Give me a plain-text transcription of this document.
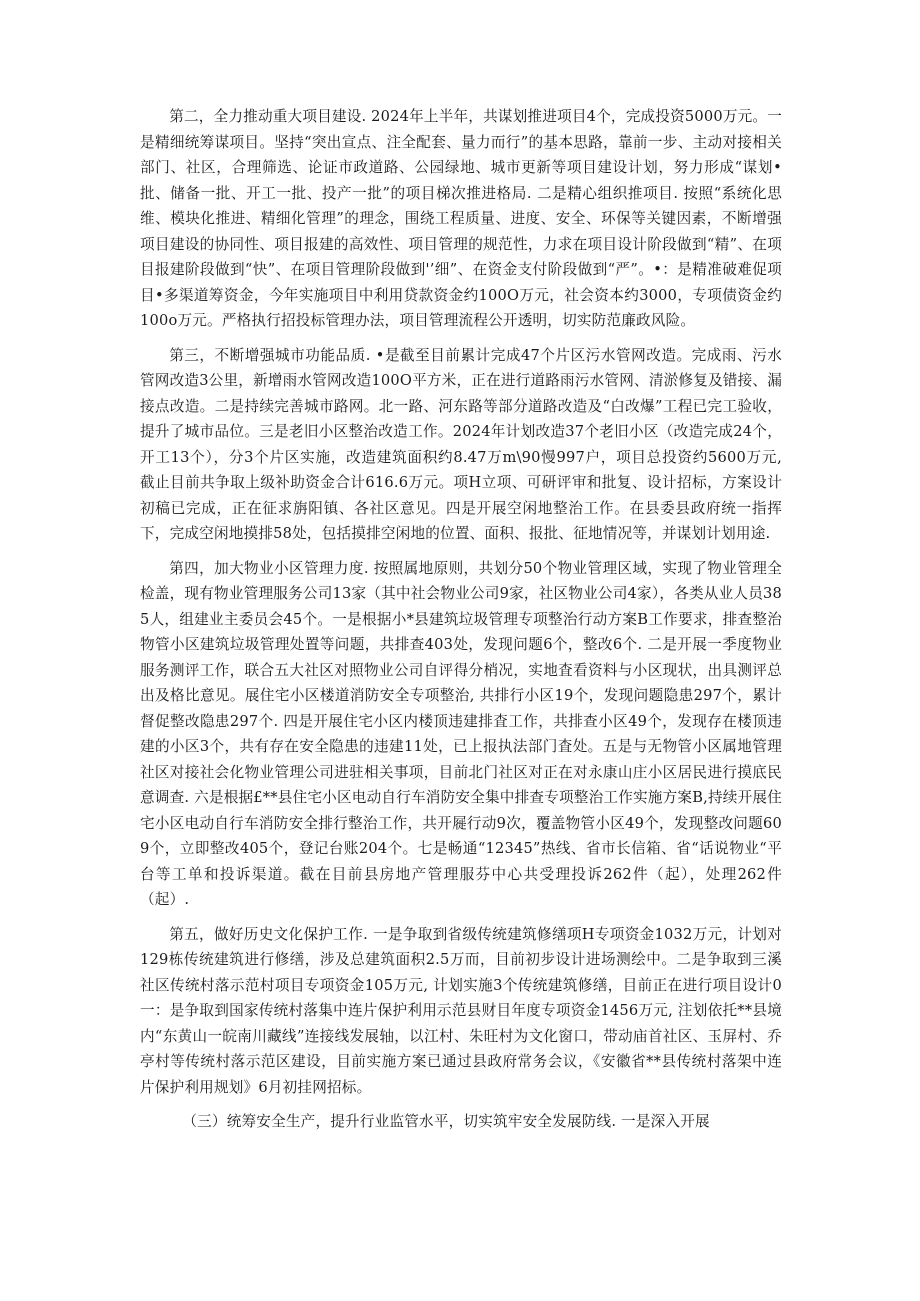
第二，全力推动重大项目建设. 2024年上半年，共谋划推进项目4个，完成投资5000万元。一是精细统筹谋项目。坚持“突出宣点、注全配套、量力而行”的基本思路，靠前一步、主动对接相关部门、社区，合理筛选、论证市政道路、公园绿地、城市更新等项目建设计划，努力形成“谋划•批、储备一批、开工一批、投产一批”的项目梯次推进格局. 二是精心组织推项目. 按照“系统化思维、模块化推进、精细化管理”的理念，围绕工程质量、进度、安全、环保等关键因素，不断增强项目建设的协同性、项目报建的高效性、项目管理的规范性，力求在项目设计阶段做到“精”、在项目报建阶段做到“快”、在项目管理阶段做到'’细”、在资金支付阶段做到“严”。•：是精准破难促项目•多渠道筹资金，今年实施项目中利用贷款资金约100O万元，社会资本约3000，专项债资金约100o万元。严格执行招投标管理办法，项目管理流程公开透明，切实防范廉政风险。

第三，不断增强城市功能品质. •是截至目前累计完成47个片区污水管网改造。完成雨、污水管网改造3公里，新增雨水管网改造100O平方米，正在进行道路雨污水管网、清淤修复及错接、漏接点改造。二是持续完善城市路网。北一路、河东路等部分道路改造及“白改爆”工程已完工验收，提升了城市品位。三是老旧小区整治改造工作。2024年计划改造37个老旧小区（改造完成24个，开工13个），分3个片区实施，改造建筑面积约8.47万m\90慢997户，项目总投资约5600万元, 截止目前共争取上级补助资金合计616.6万元。项H立项、可研评审和批复、设计招标，方案设计初稿已完成，正在征求旃阳镇、各社区意见。四是开展空闲地整治工作。在县委县政府统一指挥下，完成空闲地摸排58处，包括摸排空闲地的位置、面积、报批、征地情况等，并谋划计划用途.

第四，加大物业小区管理力度. 按照属地原则，共划分50个物业管理区域，实现了物业管理全检盖，现有物业管理服务公司13家（其中社会物业公司9家，社区物业公司4家），各类从业人员385人，组建业主委员会45个。一是根据小*县建筑垃圾管理专项整治行动方案B工作要求，排查整治物管小区建筑垃圾管理处置等问题，共排查403处，发现问题6个，整改6个. 二是开展一季度物业服务测评工作，联合五大社区对照物业公司自评得分梢况，实地査看资料与小区现状，出具测评总出及格比意见。展住宅小区楼道消防安全专项整治, 共排行小区19个，发现问题隐患297个，累计督促整改隐患297个. 四是开展住宅小区内楼顶违建排査工作，共排查小区49个，发现存在楼顶违建的小区3个，共有存在安全隐患的违建11处，已上报执法部门査处。五是与无物管小区属地管理社区对接社会化物业管理公司进驻相关事项，目前北门社区对正在对永康山庄小区居民进行摸底民意调查. 六是根据£**县住宅小区电动自行车消防安全集中排查专项整治工作实施方案B,持续开展住宅小区电动自行车消防安全排行整治工作，共开屣行动9次，覆盖物管小区49个，发现整改问题609个，立即整改405个，登记台账204个。七是畅通“12345”热线、省市长信箱、省“话说物业“平台等工单和投诉渠道。截在目前县房地产管理服芬中心共受理投诉262件（起），处理262件（起）.

第五，做好历史文化保护工作. 一是争取到省级传统建筑修缮项H专项资金1032万元，计划对129栋传统建筑进行修缮，涉及总建筑面积2.5万而，目前初步设计进场测绘中。二是争取到三溪社区传统村落示范村项目专项资金105万元, 计划实施3个传统建筑修缮，目前正在进行项目设计0一：是争取到国家传统村落集中连片保护利用示范县财目年度专项资金1456万元, 注划依托**县境内“东黄山一皖南川藏线”连接线发展轴，以江村、朱旺村为文化窗口，带动庙首社区、玉屏村、乔亭村等传统村落示范区建设，目前实施方案已通过县政府常务会议，《安徽省**县传统村落架中连片保护利用规划》6月初挂网招标。

（三）统筹安全生产，提升行业监管水平，切实筑牢安全发展防线. 一是深入开展
